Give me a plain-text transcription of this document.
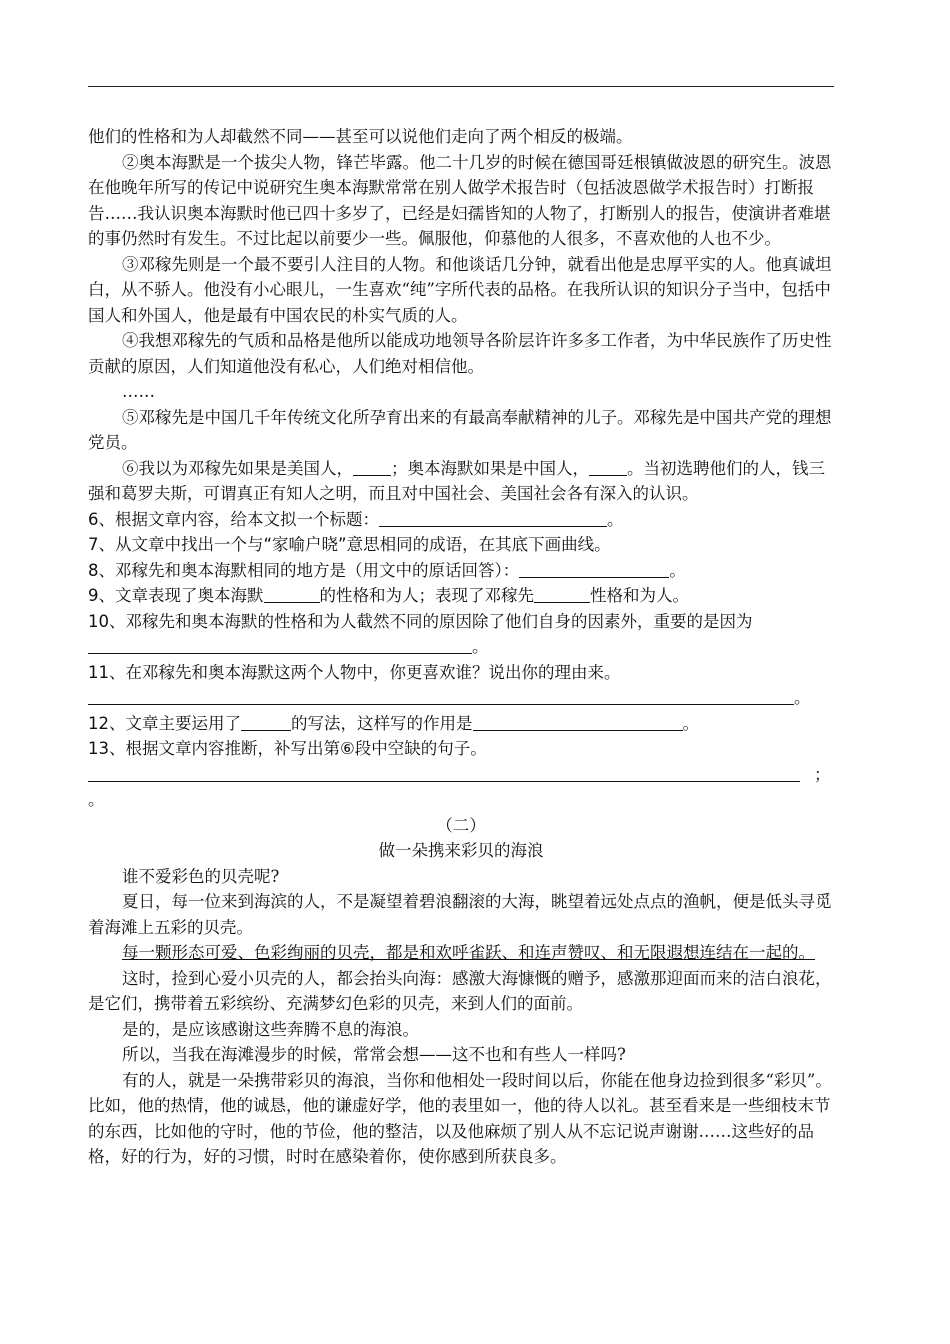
他们的性格和为人却截然不同——甚至可以说他们走向了两个相反的极端。

②奥本海默是一个拔尖人物，锋芒毕露。他二十几岁的时候在德国哥廷根镇做波恩的研究生。波恩在他晚年所写的传记中说研究生奥本海默常常在别人做学术报告时（包括波恩做学术报告时）打断报告……我认识奥本海默时他已四十多岁了，已经是妇孺皆知的人物了，打断别人的报告，使演讲者难堪的事仍然时有发生。不过比起以前要少一些。佩服他，仰慕他的人很多，不喜欢他的人也不少。

③邓稼先则是一个最不要引人注目的人物。和他谈话几分钟，就看出他是忠厚平实的人。他真诚坦白，从不骄人。他没有小心眼儿，一生喜欢“纯”字所代表的品格。在我所认识的知识分子当中，包括中国人和外国人，他是最有中国农民的朴实气质的人。

④我想邓稼先的气质和品格是他所以能成功地领导各阶层许许多多工作者，为中华民族作了历史性贡献的原因，人们知道他没有私心，人们绝对相信他。

……

⑤邓稼先是中国几千年传统文化所孕育出来的有最高奉献精神的儿子。邓稼先是中国共产党的理想党员。

⑥我以为邓稼先如果是美国人， ；奥本海默如果是中国人， 。当初选聘他们的人，钱三强和葛罗夫斯，可谓真正有知人之明，而且对中国社会、美国社会各有深入的认识。

6、根据文章内容，给本文拟一个标题：	。

7、从文章中找出一个与“家喻户晓”意思相同的成语，在其底下画曲线。

8、邓稼先和奥本海默相同的地方是（用文中的原话回答）：	。

9、文章表现了奥本海默	的性格和为人；表现了邓稼先	性格和为人。

10、邓稼先和奥本海默的性格和为人截然不同的原因除了他们自身的因素外，重要的是因为。

11、在邓稼先和奥本海默这两个人物中，你更喜欢谁？说出你的理由来。

。

12、文章主要运用了	的写法，这样写的作用是	。

13、根据文章内容推断，补写出第⑥段中空缺的句子。

；

。

（二）

做一朵携来彩贝的海浪

谁不爱彩色的贝壳呢?

夏日，每一位来到海滨的人，不是凝望着碧浪翻滚的大海，眺望着远处点点的渔帆，便是低头寻觅着海滩上五彩的贝壳。

每一颗形态可爱、色彩绚丽的贝壳，都是和欢呼雀跃、和连声赞叹、和无限遐想连结在一起的。

这时，捡到心爱小贝壳的人，都会抬头向海：感激大海慷慨的赠予，感激那迎面而来的洁白浪花，是它们，携带着五彩缤纷、充满梦幻色彩的贝壳，来到人们的面前。

是的，是应该感谢这些奔腾不息的海浪。

所以，当我在海滩漫步的时候，常常会想——这不也和有些人一样吗?

有的人，就是一朵携带彩贝的海浪，当你和他相处一段时间以后，你能在他身边捡到很多“彩贝”。比如，他的热情，他的诚恳，他的谦虚好学，他的表里如一，他的待人以礼。甚至看来是一些细枝末节的东西，比如他的守时，他的节俭，他的整洁，以及他麻烦了别人从不忘记说声谢谢……这些好的品格，好的行为，好的习惯，时时在感染着你，使你感到所获良多。
